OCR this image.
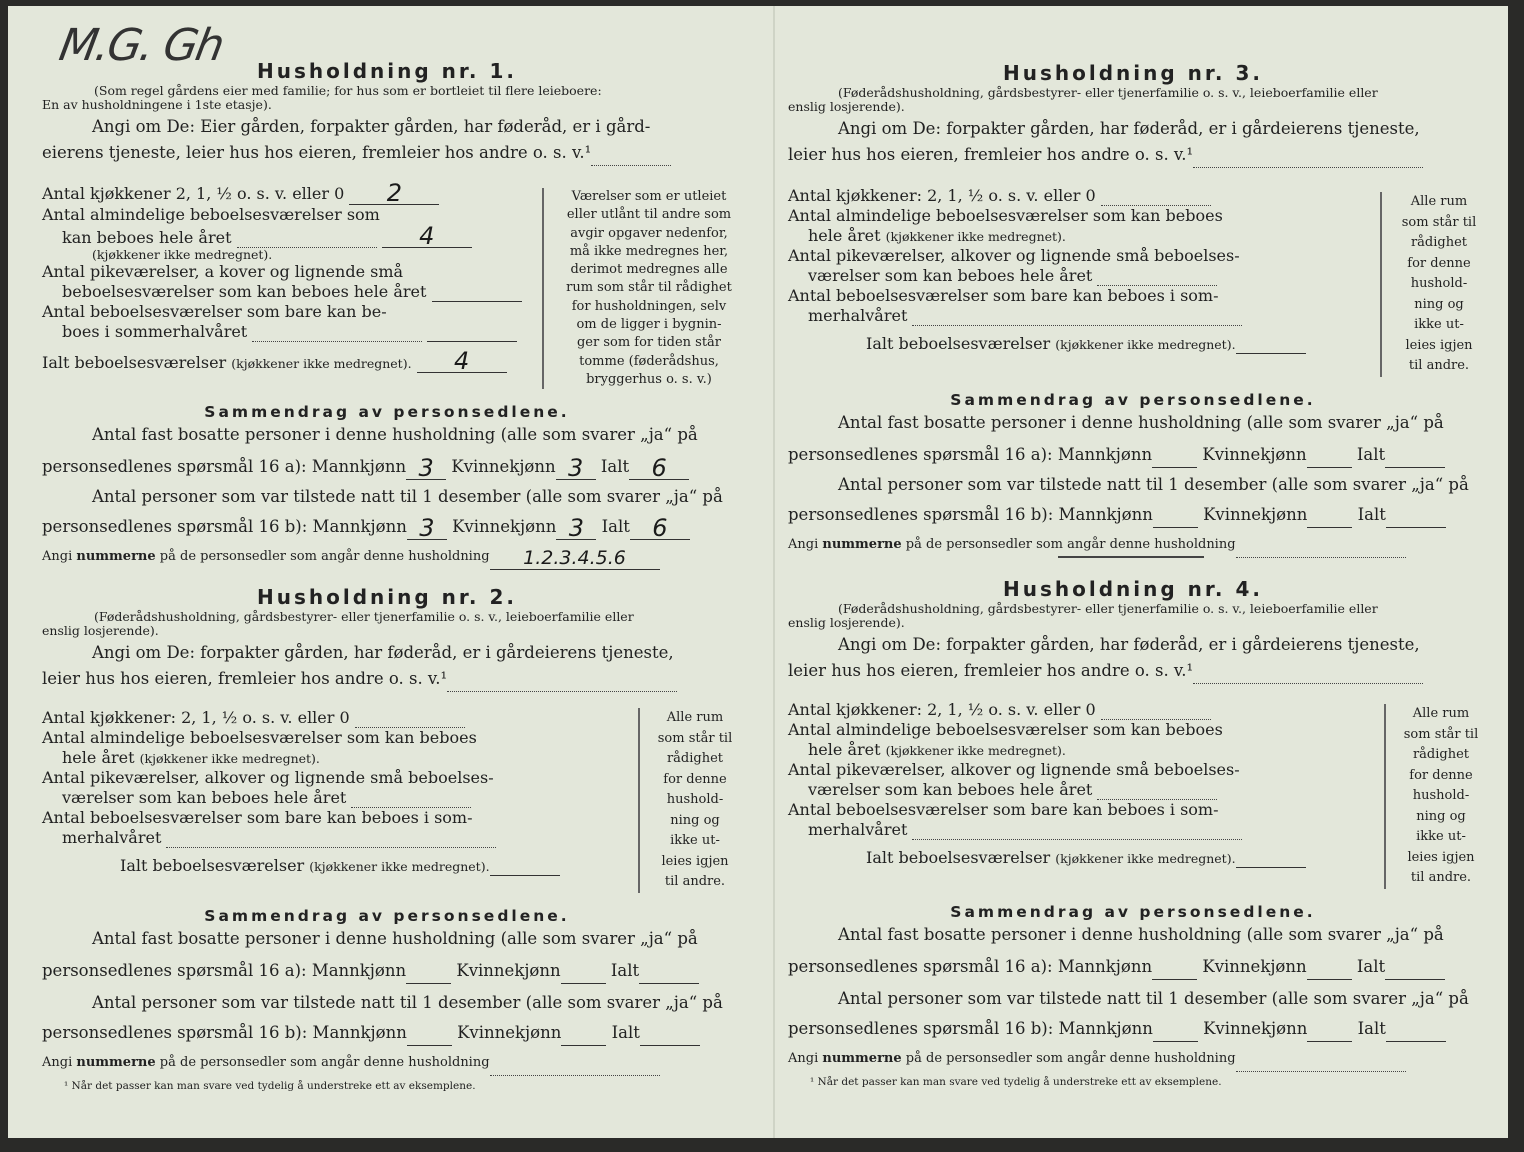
M.G. Gh	Husholdning nr. 1.
(Som regel gårdens eier med familie; for hus som er bortleiet til flere leieboere:
En av husholdningene i 1ste etasje).
Angi om De: Eier gården, forpakter gården, har føderåd, er i gård-
eierens tjeneste, leier hus hos eieren, fremleier hos andre o. s. v.¹
Antal kjøkkener 2, 1, ½ o. s. v. eller 0 2
Antal almindelige beboelsesværelser som
kan beboes hele året	4
(kjøkkener ikke medregnet).
Antal pikeværelser, a kover og lignende små
beboelsesværelser som kan beboes hele året
Antal beboelsesværelser som bare kan be-
boes i sommerhalvåret
Ialt beboelsesværelser (kjøkkener ikke medregnet). 4
Værelser som er utleiet
eller utlånt til andre som
avgir opgaver nedenfor,
må ikke medregnes her,
derimot medregnes alle
rum som står til rådighet
for husholdningen, selv
om de ligger i bygnin-
ger som for tiden står
tomme (føderådshus,
bryggerhus o. s. v.)
Sammendrag av personsedlene.
Antal fast bosatte personer i denne husholdning (alle som svarer „ja“ på
personsedlenes spørsmål 16 a): Mannkjønn 3 Kvinnekjønn 3 Ialt 6
Antal personer som var tilstede natt til 1 desember (alle som svarer „ja“ på
personsedlenes spørsmål 16 b): Mannkjønn 3 Kvinnekjønn 3 Ialt 6
Angi nummerne på de personsedler som angår denne husholdning 1.2.3.4.5.6
Husholdning nr. 2.
(Føderådshusholdning, gårdsbestyrer- eller tjenerfamilie o. s. v., leieboerfamilie eller
enslig losjerende).
Angi om De: forpakter gården, har føderåd, er i gårdeierens tjeneste,
leier hus hos eieren, fremleier hos andre o. s. v.¹
Antal kjøkkener: 2, 1, ½ o. s. v. eller 0
Antal almindelige beboelsesværelser som kan beboes
hele året (kjøkkener ikke medregnet).
Antal pikeværelser, alkover og lignende små beboelses-
værelser som kan beboes hele året
Antal beboelsesværelser som bare kan beboes i som-
merhalvåret
Ialt beboelsesværelser (kjøkkener ikke medregnet).
Alle rum
som står til
rådighet
for denne
hushold-
ning og
ikke ut-
leies igjen
til andre.
Sammendrag av personsedlene.
Antal fast bosatte personer i denne husholdning (alle som svarer „ja“ på
personsedlenes spørsmål 16 a): Mannkjønn	Kvinnekjønn	Ialt
Antal personer som var tilstede natt til 1 desember (alle som svarer „ja“ på
personsedlenes spørsmål 16 b): Mannkjønn	Kvinnekjønn	Ialt
Angi nummerne på de personsedler som angår denne husholdning
¹ Når det passer kan man svare ved tydelig å understreke ett av eksemplene.
Husholdning nr. 3.
(Føderådshusholdning, gårdsbestyrer- eller tjenerfamilie o. s. v., leieboerfamilie eller
enslig losjerende).
Angi om De: forpakter gården, har føderåd, er i gårdeierens tjeneste,
leier hus hos eieren, fremleier hos andre o. s. v.¹
Antal kjøkkener: 2, 1, ½ o. s. v. eller 0
Antal almindelige beboelsesværelser som kan beboes
hele året (kjøkkener ikke medregnet).
Antal pikeværelser, alkover og lignende små beboelses-
værelser som kan beboes hele året
Antal beboelsesværelser som bare kan beboes i som-
merhalvåret
Ialt beboelsesværelser (kjøkkener ikke medregnet).
Alle rum
som står til
rådighet
for denne
hushold-
ning og
ikke ut-
leies igjen
til andre.
Sammendrag av personsedlene.
Antal fast bosatte personer i denne husholdning (alle som svarer „ja“ på
personsedlenes spørsmål 16 a): Mannkjønn	Kvinnekjønn	Ialt
Antal personer som var tilstede natt til 1 desember (alle som svarer „ja“ på
personsedlenes spørsmål 16 b): Mannkjønn	Kvinnekjønn	Ialt
Angi nummerne på de personsedler som angår denne husholdning
Husholdning nr. 4.
(Føderådshusholdning, gårdsbestyrer- eller tjenerfamilie o. s. v., leieboerfamilie eller
enslig losjerende).
Angi om De: forpakter gården, har føderåd, er i gårdeierens tjeneste,
leier hus hos eieren, fremleier hos andre o. s. v.¹
Antal kjøkkener: 2, 1, ½ o. s. v. eller 0
Antal almindelige beboelsesværelser som kan beboes
hele året (kjøkkener ikke medregnet).
Antal pikeværelser, alkover og lignende små beboelses-
værelser som kan beboes hele året
Antal beboelsesværelser som bare kan beboes i som-
merhalvåret
Ialt beboelsesværelser (kjøkkener ikke medregnet).
Alle rum
som står til
rådighet
for denne
hushold-
ning og
ikke ut-
leies igjen
til andre.
Sammendrag av personsedlene.
Antal fast bosatte personer i denne husholdning (alle som svarer „ja“ på
personsedlenes spørsmål 16 a): Mannkjønn	Kvinnekjønn	Ialt
Antal personer som var tilstede natt til 1 desember (alle som svarer „ja“ på
personsedlenes spørsmål 16 b): Mannkjønn	Kvinnekjønn	Ialt
Angi nummerne på de personsedler som angår denne husholdning
¹ Når det passer kan man svare ved tydelig å understreke ett av eksemplene.
